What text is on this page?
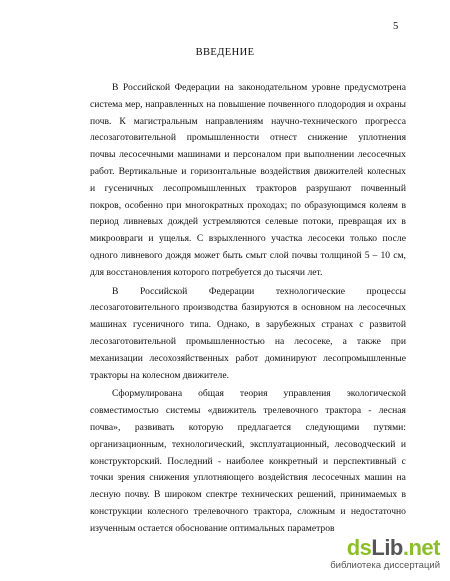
5
ВВЕДЕНИЕ
В Российской Федерации на законодательном уровне предусмотрена
система мер, направленных на повышение почвенного плодородия и охраны
почв. К магистральным направлениям научно-технического прогресса
лесозаготовительной промышленности отнест снижение уплотнения
почвы лесосечными машинами и персоналом при выполнении лесосечных
работ. Вертикальные и горизонтальные воздействия движителей колесных
и гусеничных лесопромышленных тракторов разрушают почвенный
покров, особенно при многократных проходах; по образующимся колеям в
период ливневых дождей устремляются селевые потоки, превращая их в
микроовраги и ущелья. С взрыхленного участка лесосеки только после
одного ливневого дождя может быть смыт слой почвы толщиной 5 – 10 см,
для восстановления которого потребуется до тысячи лет.
В Российской Федерации технологические процессы
лесозаготовительного производства базируются в основном на лесосечных
машинах гусеничного типа. Однако, в зарубежных странах с развитой
лесозаготовительной промышленностью на лесосеке, а также при
механизации лесохозяйственных работ доминируют лесопромышленные
тракторы на колесном движителе.
Сформулирована общая теория управления экологической
совместимостью системы «движитель трелевочного трактора - лесная
почва», развивать которую предлагается следующими путями:
организационным, технологический, эксплуатационный, лесоводческий и
конструкторский. Последний - наиболее конкретный и перспективный с
точки зрения снижения уплотняющего воздействия лесосечных машин на
лесную почву. В широком спектре технических решений, принимаемых в
конструкции колесного трелевочного трактора, сложным и недостаточно
изученным остается обоснование оптимальных параметров
dsLib.net
библиотека диссертаций
